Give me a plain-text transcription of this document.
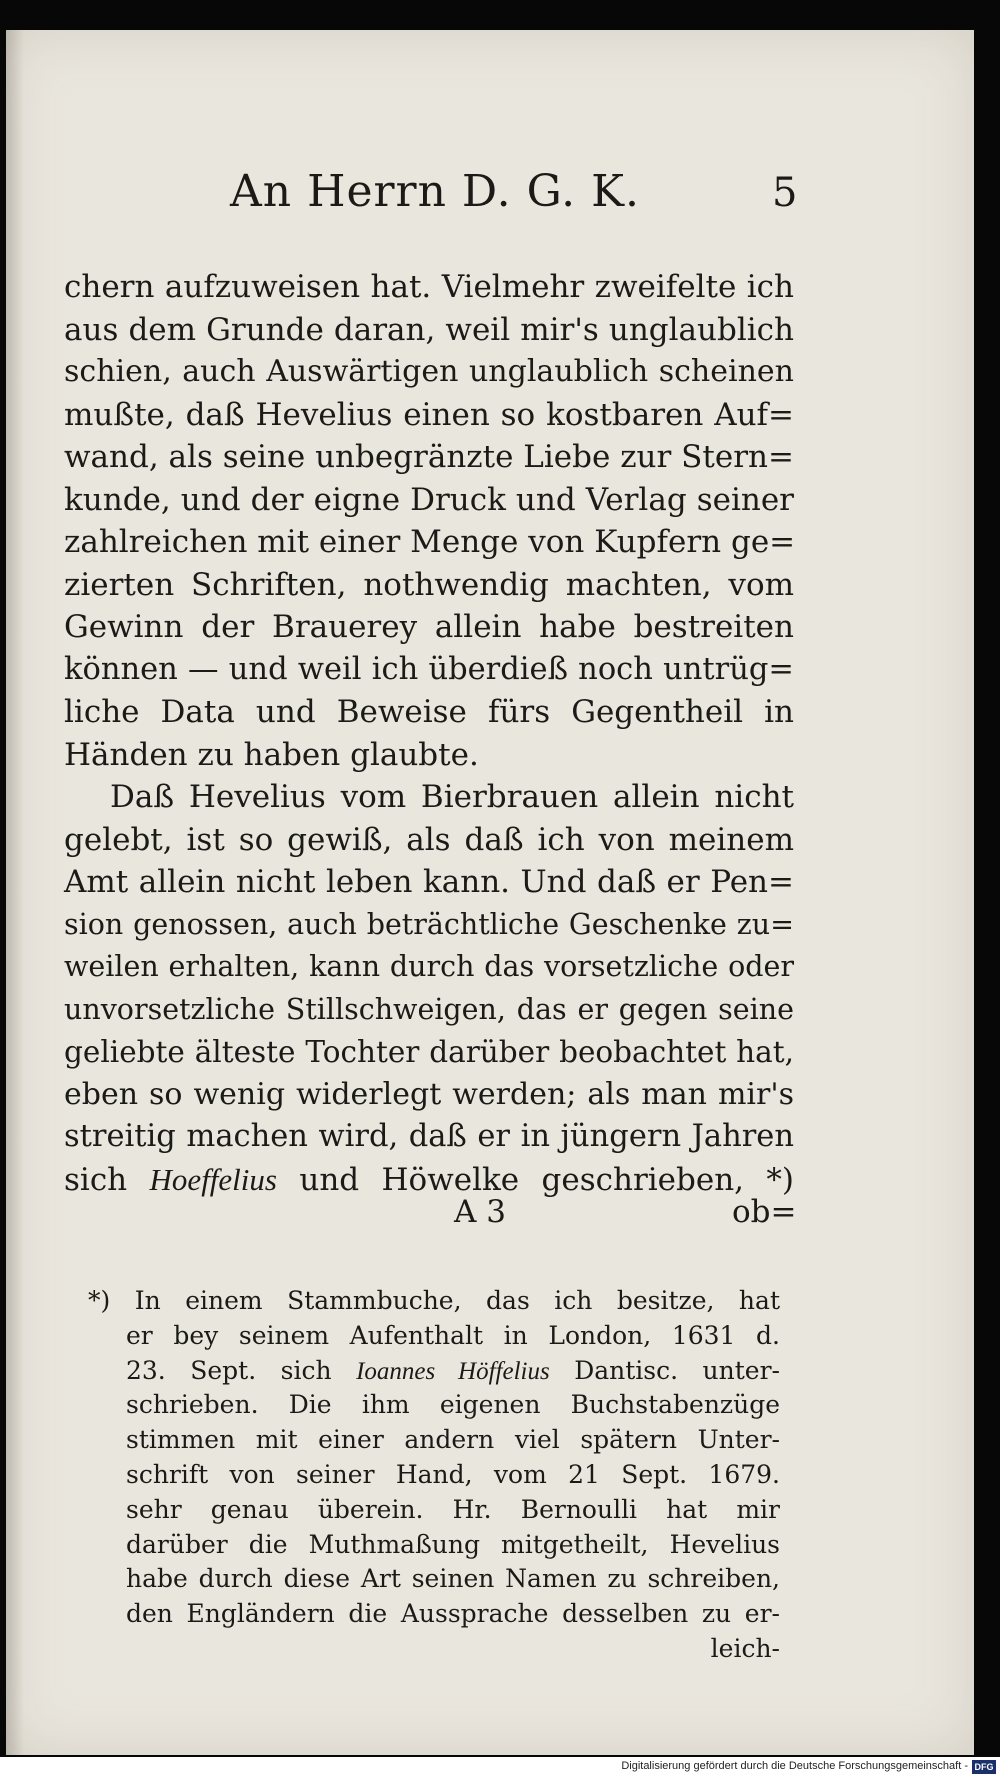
An Herrn D. G. K.	5
chern aufzuweisen hat. Vielmehr zweifelte ich
aus dem Grunde daran, weil mir's unglaublich
schien, auch Auswärtigen unglaublich scheinen
mußte, daß Hevelius einen so kostbaren Auf=
wand, als seine unbegränzte Liebe zur Stern=
kunde, und der eigne Druck und Verlag seiner
zahlreichen mit einer Menge von Kupfern ge=
zierten Schriften, nothwendig machten, vom
Gewinn der Brauerey allein habe bestreiten
können — und weil ich überdieß noch untrüg=
liche Data und Beweise fürs Gegentheil in
Händen zu haben glaubte.
Daß Hevelius vom Bierbrauen allein nicht
gelebt, ist so gewiß, als daß ich von meinem
Amt allein nicht leben kann. Und daß er Pen=
sion genossen, auch beträchtliche Geschenke zu=
weilen erhalten, kann durch das vorsetzliche oder
unvorsetzliche Stillschweigen, das er gegen seine
geliebte älteste Tochter darüber beobachtet hat,
eben so wenig widerlegt werden; als man mir's
streitig machen wird, daß er in jüngern Jahren
sich Hoeffelius und Höwelke geschrieben, *)
A 3	ob=
*) In einem Stammbuche, das ich besitze, hat
er bey seinem Aufenthalt in London, 1631 d.
23. Sept. sich Ioannes Höffelius Dantisc. unter-
schrieben. Die ihm eigenen Buchstabenzüge
stimmen mit einer andern viel spätern Unter-
schrift von seiner Hand, vom 21 Sept. 1679.
sehr genau überein. Hr. Bernoulli hat mir
darüber die Muthmaßung mitgetheilt, Hevelius
habe durch diese Art seinen Namen zu schreiben,
den Engländern die Aussprache desselben zu er-
leich-
Digitalisierung gefördert durch die Deutsche Forschungsgemeinschaft - DFG
